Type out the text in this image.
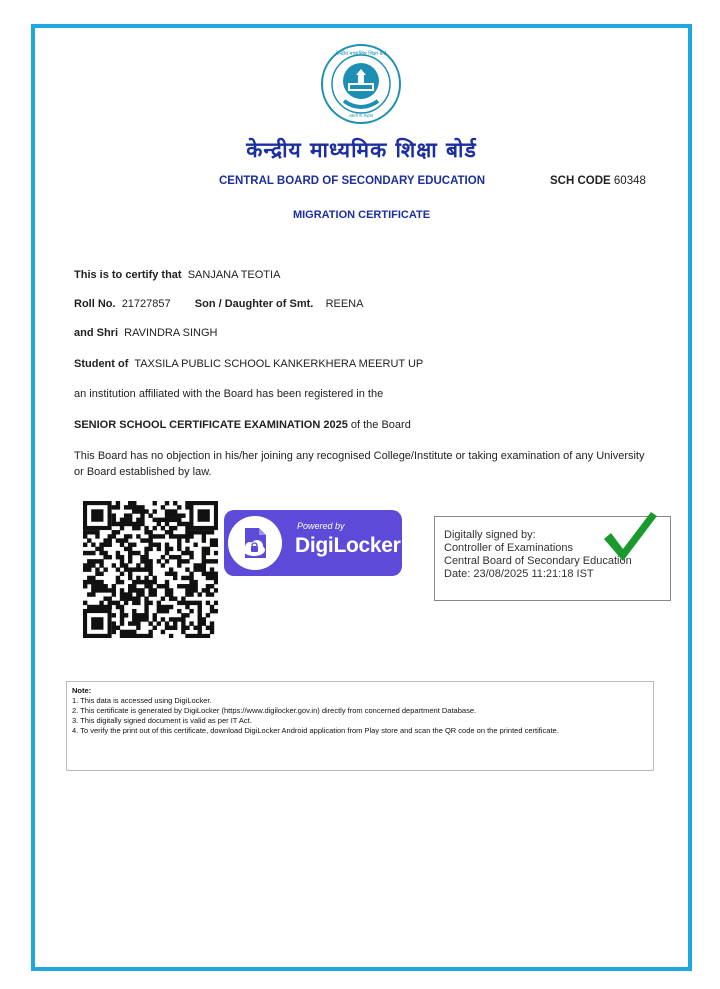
केन्द्रीय माध्यमिक शिक्षा बोर्ड
भारत
असतो मा सद्गमय
केन्द्रीय माध्यमिक शिक्षा बोर्ड
CENTRAL BOARD OF SECONDARY EDUCATION	SCH CODE 60348
MIGRATION CERTIFICATE
This is to certify that SANJANA TEOTIA
Roll No. 21727857 Son / Daughter of Smt. REENA
and Shri RAVINDRA SINGH
Student of TAXSILA PUBLIC SCHOOL KANKERKHERA MEERUT UP
an institution affiliated with the Board has been registered in the
SENIOR SCHOOL CERTIFICATE EXAMINATION 2025 of the Board
This Board has no objection in his/her joining any recognised College/Institute or taking examination of any University or Board established by law.
Powered by
DigiLocker	Digitally signed by:
Controller of Examinations
Central Board of Secondary Education
Date: 23/08/2025 11:21:18 IST
Note:
1. This data is accessed using DigiLocker.
2. This certificate is generated by DigiLocker (https://www.digilocker.gov.in) directly from concerned department Database.
3. This digitally signed document is valid as per IT Act.
4. To verify the print out of this certificate, download DigiLocker Android application from Play store and scan the QR code on the printed certificate.
